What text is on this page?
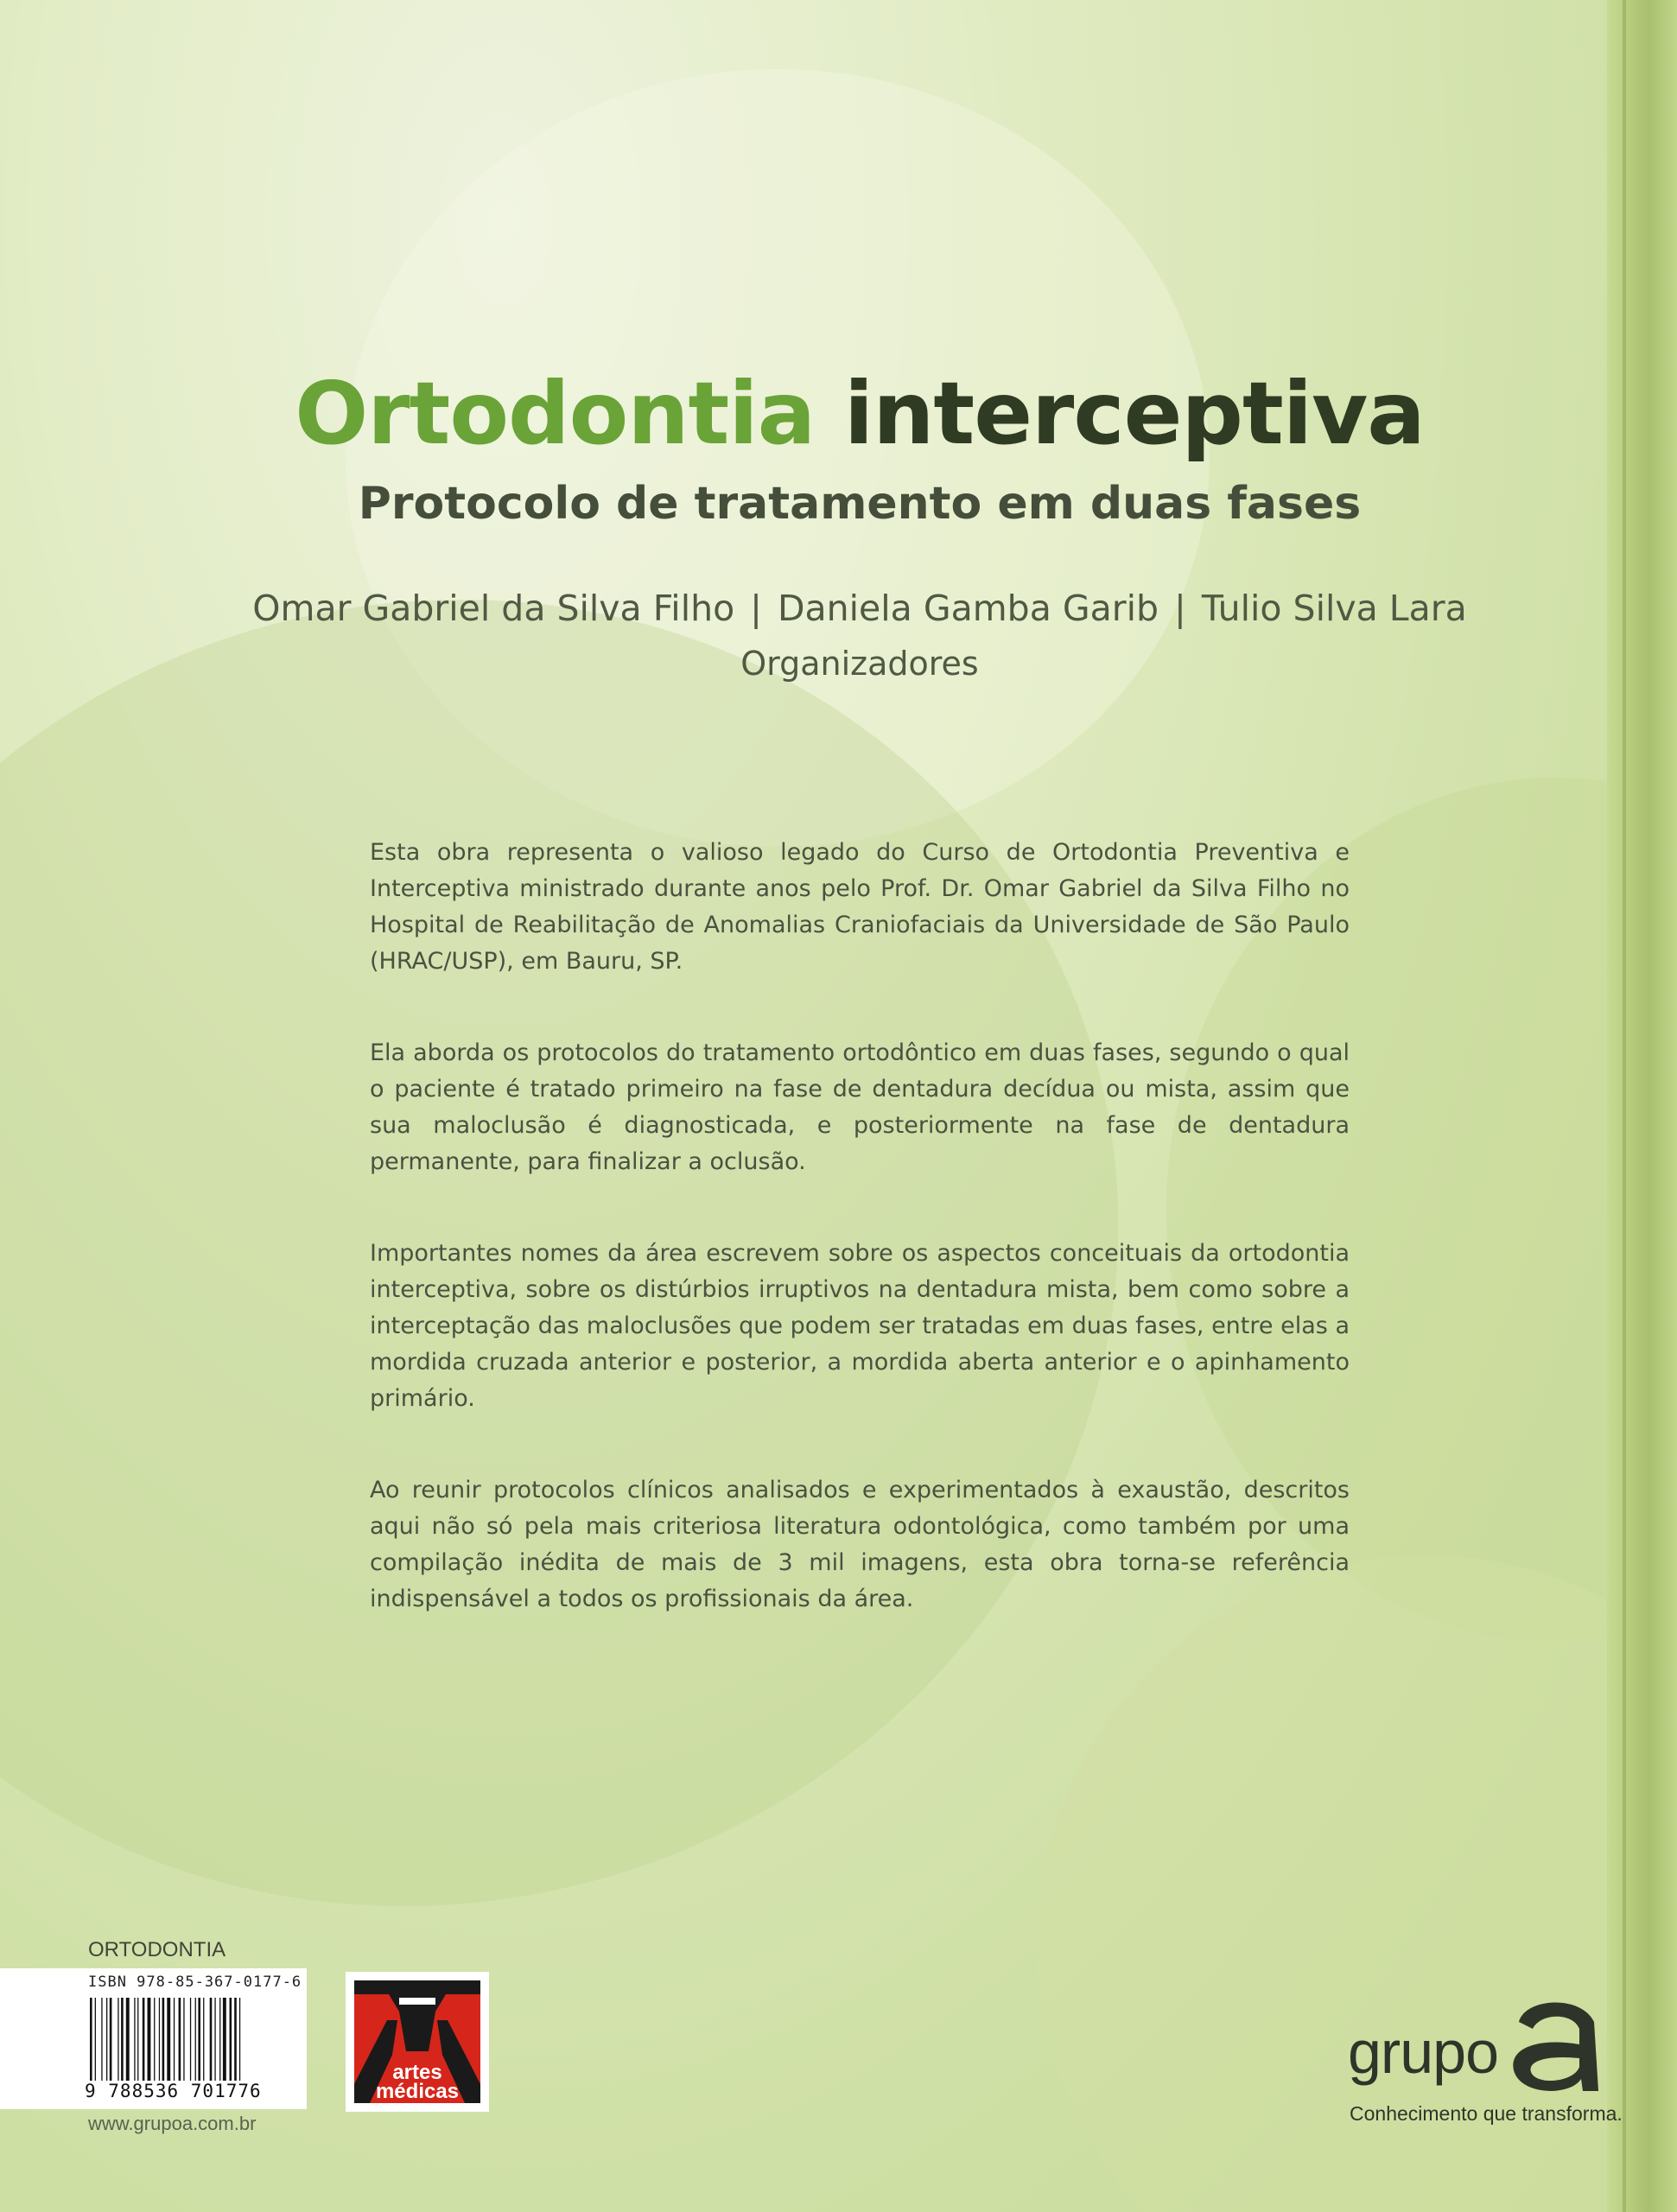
Ortodontia interceptiva
Protocolo de tratamento em duas fases

Omar Gabriel da Silva Filho | Daniela Gamba Garib | Tulio Silva Lara

Organizadores

Esta obra representa o valioso legado do Curso de Ortodontia Preventiva e Interceptiva ministrado durante anos pelo Prof. Dr. Omar Gabriel da Silva Filho no Hospital de Reabilitação de Anomalias Craniofaciais da Universidade de São Paulo (HRAC/USP), em Bauru, SP.

Ela aborda os protocolos do tratamento ortodôntico em duas fases, segundo o qual o paciente é tratado primeiro na fase de dentadura decídua ou mista, assim que sua maloclusão é diagnosticada, e posteriormente na fase de dentadura permanente, para finalizar a oclusão.

Importantes nomes da área escrevem sobre os aspectos conceituais da ortodontia interceptiva, sobre os distúrbios irruptivos na dentadura mista, bem como sobre a interceptação das maloclusões que podem ser tratadas em duas fases, entre elas a mordida cruzada anterior e posterior, a mordida aberta anterior e o apinhamento primário.

Ao reunir protocolos clínicos analisados e experimentados à exaustão, descritos aqui não só pela mais criteriosa literatura odontológica, como também por uma compilação inédita de mais de 3 mil imagens, esta obra torna-se referência indispensável a todos os profissionais da área.

ORTODONTIA

ISBN 978-85-367-0177-6

9 788536 701776

artes
médicas

www.grupoa.com.br

grupo

Conhecimento que transforma.
